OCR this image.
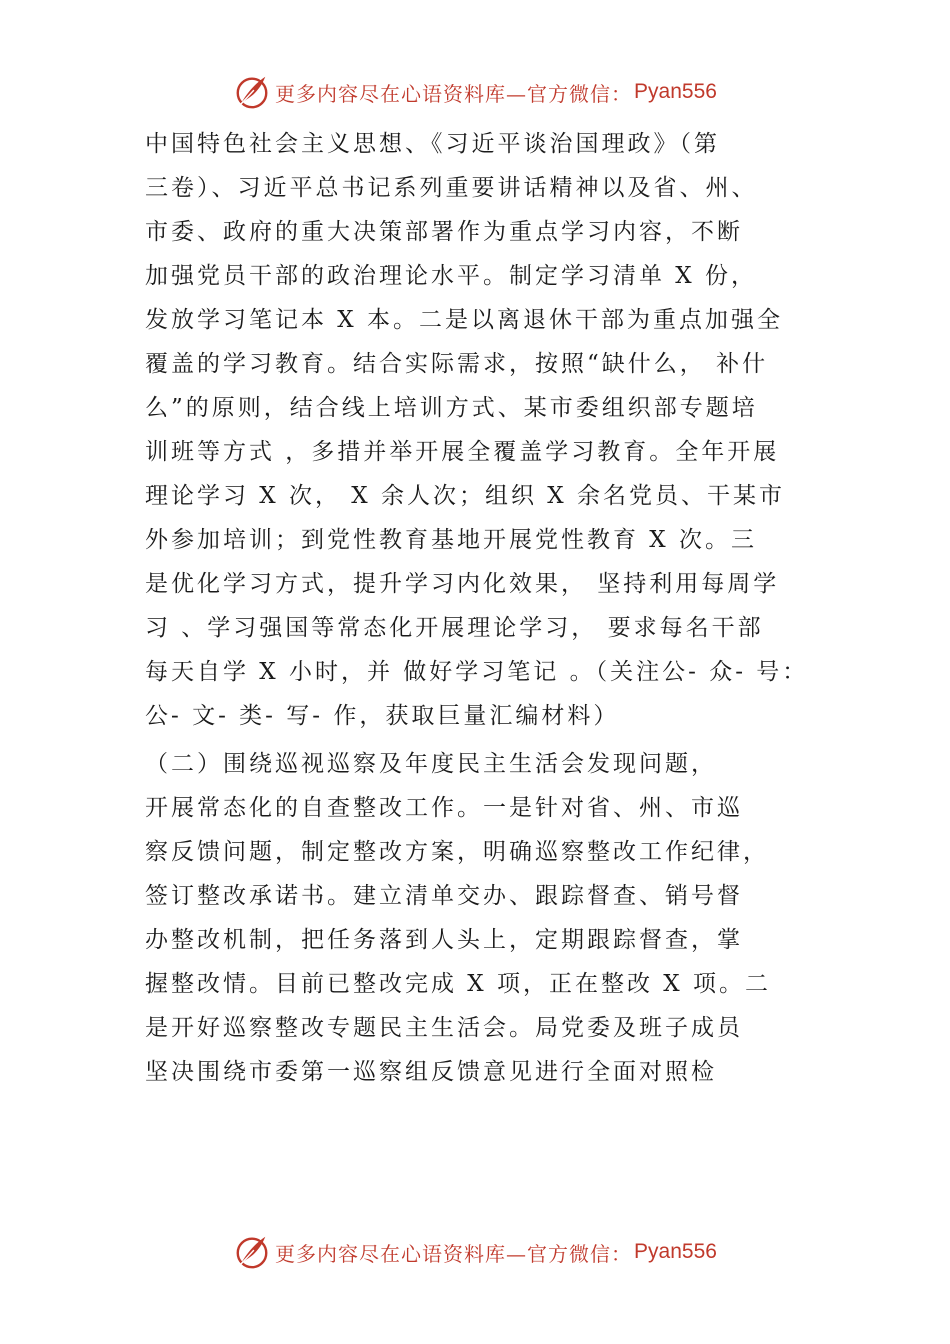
更多内容尽在心语资料库—官方微信： Pyan556
中国特色社会主义思想、《习近平谈治国理政》（第
三卷）、习近平总书记系列重要讲话精神以及省、州、
市委、政府的重大决策部署作为重点学习内容，不断
加强党员干部的政治理论水平。制定学习清单 X 份，
发放学习笔记本 X 本。二是以离退休干部为重点加强全
覆盖的学习教育。结合实际需求，按照“缺什么， 补什
么”的原则，结合线上培训方式、某市委组织部专题培
训班等方式 ，多措并举开展全覆盖学习教育。全年开展
理论学习 X 次， X 余人次；组织 X 余名党员、干某市
外参加培训；到党性教育基地开展党性教育 X 次。三
是优化学习方式，提升学习内化效果， 坚持利用每周学
习 、学习强国等常态化开展理论学习， 要求每名干部
每天自学 X 小时，并 做好学习笔记 。（关注公- 众- 号：
公- 文- 类- 写- 作，获取巨量汇编材料）
（二）围绕巡视巡察及年度民主生活会发现问题，
开展常态化的自查整改工作。一是针对省、州、市巡
察反馈问题，制定整改方案，明确巡察整改工作纪律，
签订整改承诺书。建立清单交办、跟踪督查、销号督
办整改机制，把任务落到人头上，定期跟踪督查，掌
握整改情。目前已整改完成 X 项，正在整改 X 项。二
是开好巡察整改专题民主生活会。局党委及班子成员
坚决围绕市委第一巡察组反馈意见进行全面对照检
更多内容尽在心语资料库—官方微信： Pyan556
